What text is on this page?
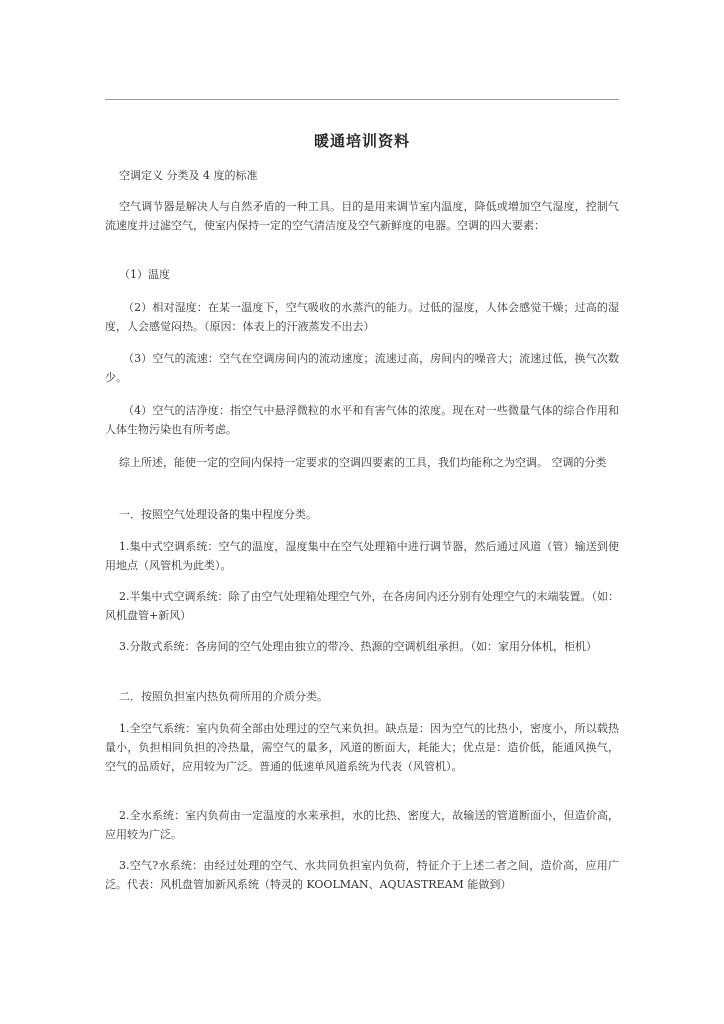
暖通培训资料
空调定义 分类及 4 度的标准
空气调节器是解决人与自然矛盾的一种工具。目的是用来调节室内温度，降低或增加空气湿度，控制气流速度并过滤空气，使室内保持一定的空气清洁度及空气新鲜度的电器。空调的四大要素：
（1）温度
（2）相对湿度：在某一温度下，空气吸收的水蒸汽的能力。过低的湿度，人体会感觉干燥；过高的湿度，人会感觉闷热。（原因：体表上的汗液蒸发不出去）
（3）空气的流速：空气在空调房间内的流动速度；流速过高，房间内的噪音大；流速过低，换气次数少。
（4）空气的洁净度：指空气中悬浮微粒的水平和有害气体的浓度。现在对一些微量气体的综合作用和人体生物污染也有所考虑。
综上所述，能使一定的空间内保持一定要求的空调四要素的工具，我们均能称之为空调。 空调的分类
一．按照空气处理设备的集中程度分类。
1.集中式空调系统：空气的温度，湿度集中在空气处理箱中进行调节器，然后通过风道（管）输送到使用地点（风管机为此类）。
2.半集中式空调系统：除了由空气处理箱处理空气外，在各房间内还分别有处理空气的末端装置。（如：风机盘管+新风）
3.分散式系统：各房间的空气处理由独立的带冷、热源的空调机组承担。（如：家用分体机，柜机）
二．按照负担室内热负荷所用的介质分类。
1.全空气系统：室内负荷全部由处理过的空气来负担。缺点是：因为空气的比热小，密度小，所以载热量小，负担相同负担的冷热量，需空气的量多，风道的断面大，耗能大；优点是：造价低，能通风换气，空气的品质好，应用较为广泛。普通的低速单风道系统为代表（风管机）。
2.全水系统：室内负荷由一定温度的水来承担，水的比热、密度大，故输送的管道断面小，但造价高，应用较为广泛。
3.空气?水系统：由经过处理的空气、水共同负担室内负荷，特征介于上述二者之间，造价高，应用广泛。代表：风机盘管加新风系统（特灵的 KOOLMAN、AQUASTREAM 能做到）
